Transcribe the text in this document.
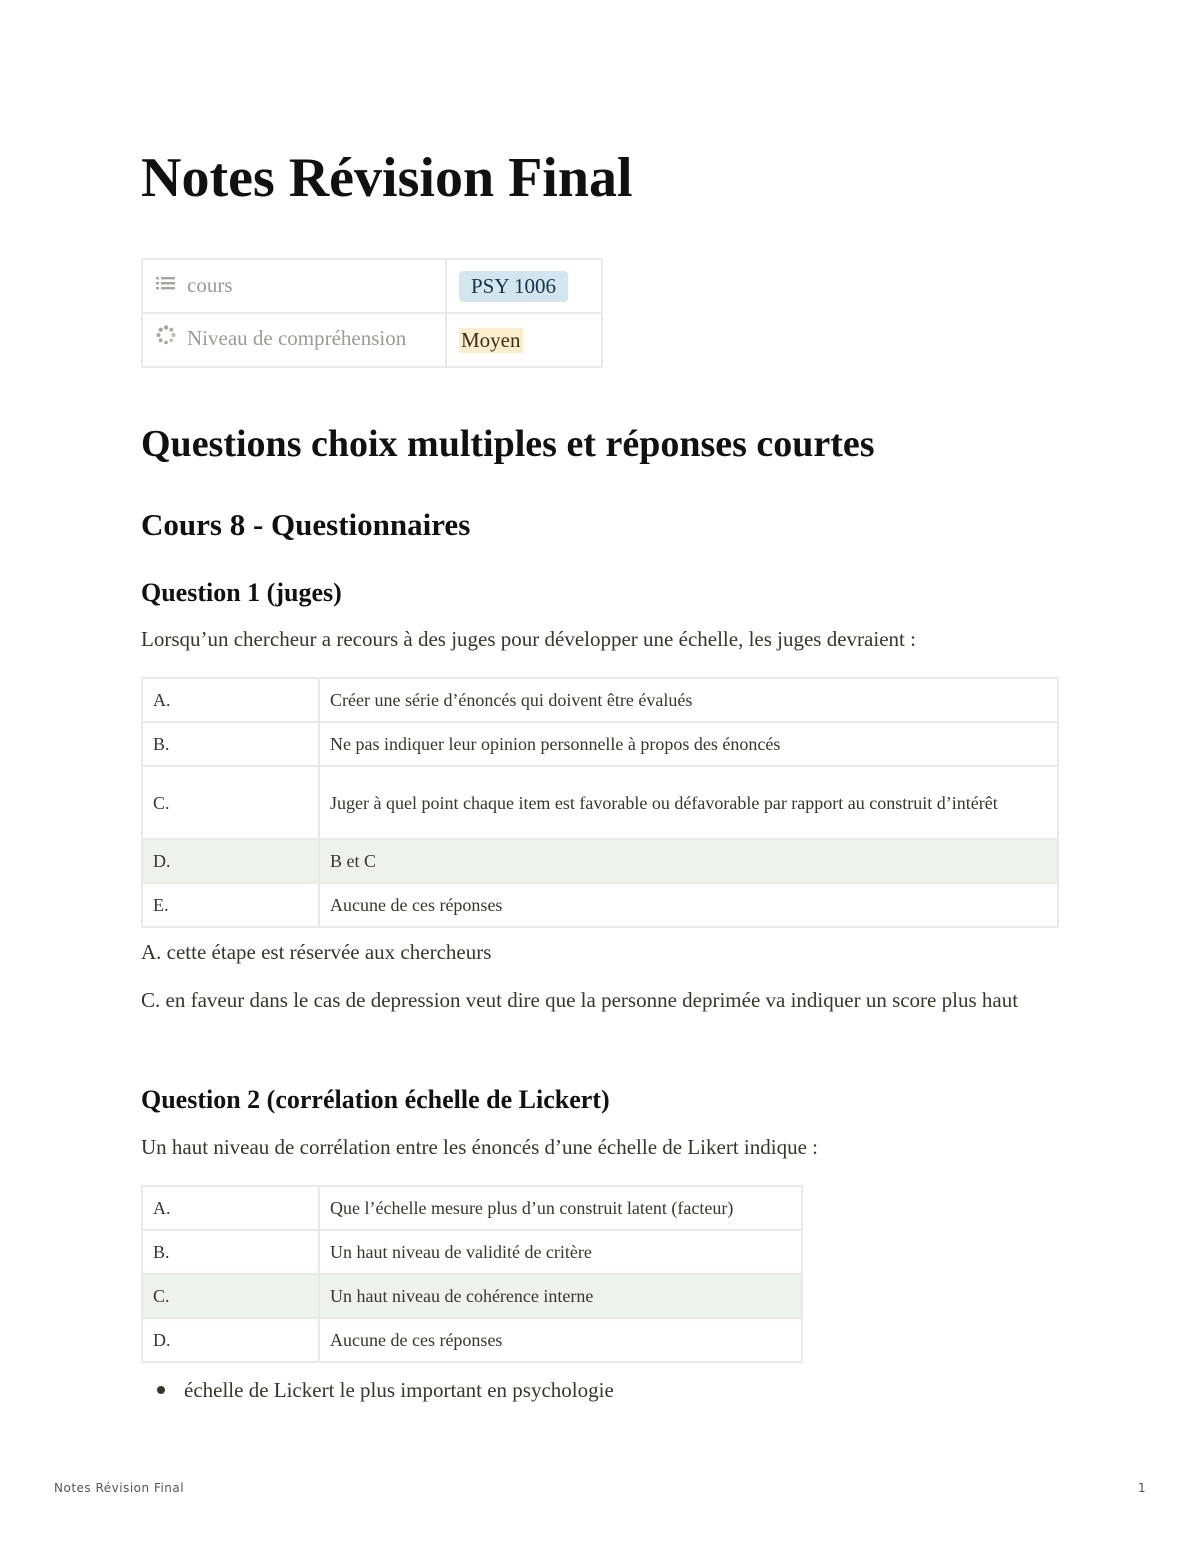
Notes Révision Final
cours	PSY 1006
Niveau de compréhension	Moyen
Questions choix multiples et réponses courtes
Cours 8 - Questionnaires
Question 1 (juges)

Lorsqu’un chercheur a recours à des juges pour développer une échelle, les juges devraient :

A.	Créer une série d’énoncés qui doivent être évalués
B.	Ne pas indiquer leur opinion personnelle à propos des énoncés
C.	Juger à quel point chaque item est favorable ou défavorable par rapport au construit d’intérêt
D.	B et C
E.	Aucune de ces réponses

A. cette étape est réservée aux chercheurs

C. en faveur dans le cas de depression veut dire que la personne deprimée va indiquer un score plus haut

Question 2 (corrélation échelle de Lickert)

Un haut niveau de corrélation entre les énoncés d’une échelle de Likert indique :

A.	Que l’échelle mesure plus d’un construit latent (facteur)
B.	Un haut niveau de validité de critère
C.	Un haut niveau de cohérence interne
D.	Aucune de ces réponses
échelle de Lickert le plus important en psychologie
Notes Révision Final	1
